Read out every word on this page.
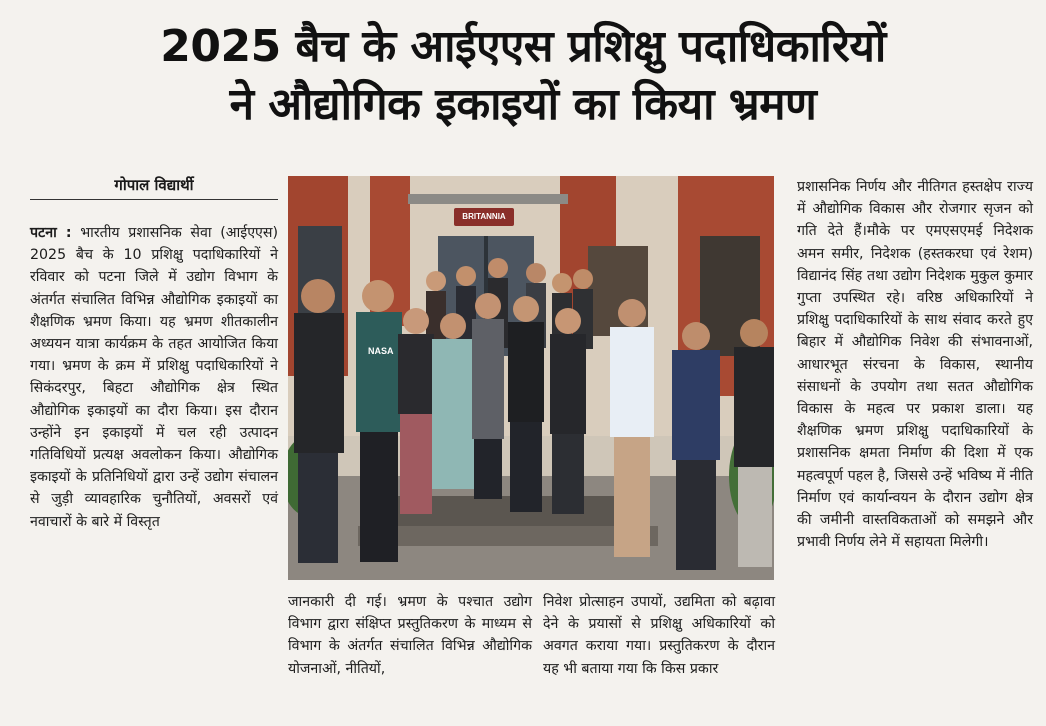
2025 बैच के आईएएस प्रशिक्षु पदाधिकारियों
ने औद्योगिक इकाइयों का किया भ्रमण
गोपाल विद्यार्थी
पटना : भारतीय प्रशासनिक सेवा (आईएएस) 2025 बैच के 10 प्रशिक्षु पदाधिकारियों ने रविवार को पटना जिले में उद्योग विभाग के अंतर्गत संचालित विभिन्न औद्योगिक इकाइयों का शैक्षणिक भ्रमण किया। यह भ्रमण शीतकालीन अध्ययन यात्रा कार्यक्रम के तहत आयोजित किया गया। भ्रमण के क्रम में प्रशिक्षु पदाधिकारियों ने सिकंदरपुर, बिहटा औद्योगिक क्षेत्र स्थित औद्योगिक इकाइयों का दौरा किया। इस दौरान उन्होंने इन इकाइयों में चल रही उत्पादन गतिविधियों प्रत्यक्ष अवलोकन किया। औद्योगिक इकाइयों के प्रतिनिधियों द्वारा उन्हें उद्योग संचालन से जुड़ी व्यावहारिक चुनौतियों, अवसरों एवं नवाचारों के बारे में विस्तृत
NASA
BRITANNIA
जानकारी दी गई। भ्रमण के पश्चात उद्योग विभाग द्वारा संक्षिप्त प्रस्तुतिकरण के माध्यम से विभाग के अंतर्गत संचालित विभिन्न औद्योगिक योजनाओं, नीतियों,
निवेश प्रोत्साहन उपायों, उद्यमिता को बढ़ावा देने के प्रयासों से प्रशिक्षु अधिकारियों को अवगत कराया गया। प्रस्तुतिकरण के दौरान यह भी बताया गया कि किस प्रकार
प्रशासनिक निर्णय और नीतिगत हस्तक्षेप राज्य में औद्योगिक विकास और रोजगार सृजन को गति देते हैं।मौके पर एमएसएमई निदेशक अमन समीर, निदेशक (हस्तकरघा एवं रेशम) विद्यानंद सिंह तथा उद्योग निदेशक मुकुल कुमार गुप्ता उपस्थित रहे। वरिष्ठ अधिकारियों ने प्रशिक्षु पदाधिकारियों के साथ संवाद करते हुए बिहार में औद्योगिक निवेश की संभावनाओं, आधारभूत संरचना के विकास, स्थानीय संसाधनों के उपयोग तथा सतत औद्योगिक विकास के महत्व पर प्रकाश डाला। यह शैक्षणिक भ्रमण प्रशिक्षु पदाधिकारियों के प्रशासनिक क्षमता निर्माण की दिशा में एक महत्वपूर्ण पहल है, जिससे उन्हें भविष्य में नीति निर्माण एवं कार्यान्वयन के दौरान उद्योग क्षेत्र की जमीनी वास्तविकताओं को समझने और प्रभावी निर्णय लेने में सहायता मिलेगी।
